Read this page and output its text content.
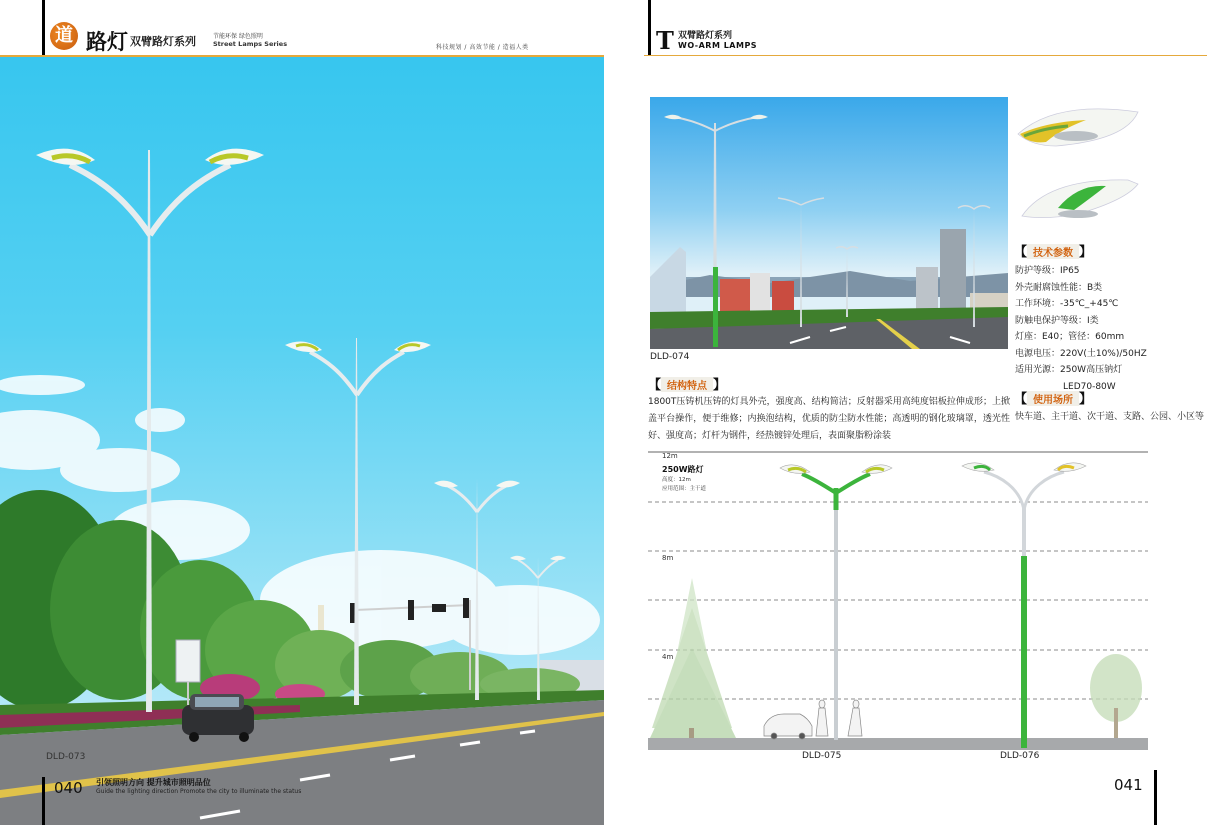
道 路灯 双臂路灯系列	节能环保 绿色照明
Street Lamps Series	科技规划 / 高效节能 / 造福人类
DLD-073
040 引领照明方向 提升城市照明品位
Guide the lighting direction Promote the city to illuminate the status
T 双臂路灯系列
WO-ARM LAMPS
DLD-074
【 技术参数 】
防护等级：IP65
外壳耐腐蚀性能：B类
工作环境：-35℃_+45℃
防触电保护等级：Ⅰ类
灯座：E40；管径：60mm
电源电压：220V(土10%)/50HZ
适用光源：250W高压钠灯
LED70-80W
【 结构特点 】
1800T压铸机压铸的灯具外壳，强度高、结构简洁；反射器采用高纯度铝板拉伸成形；上掀盖平台操作，便于维修；内换泡结构，优质的防尘防水性能；高透明的钢化玻璃罩，透光性好、强度高；灯杆为钢件，经热镀锌处理后，表面聚脂粉涂装
【 使用场所 】
快车道、主干道、次干道、支路、公园、小区等
12m
8m
4m
250W路灯
高度：12m
应用范围：主干道
DLD-075	DLD-076
041
